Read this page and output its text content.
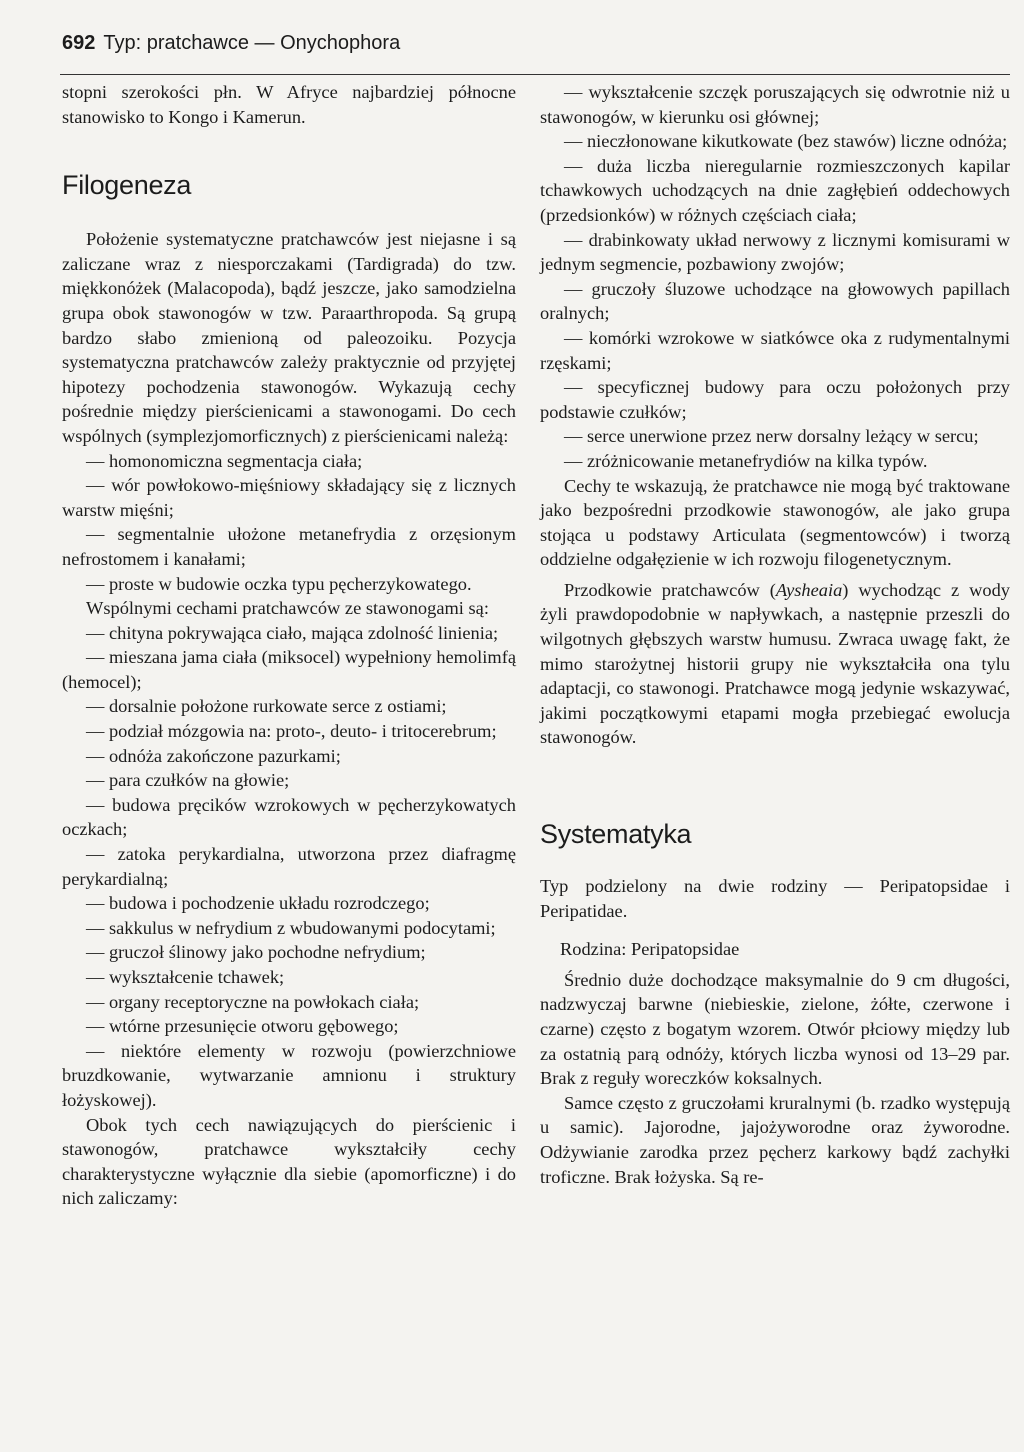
692 Typ: pratchawce — Onychophora

stopni szerokości płn. W Afryce najbardziej północne stanowisko to Kongo i Kamerun.

Filogeneza

Położenie systematyczne pratchawców jest niejasne i są zaliczane wraz z niesporczakami (Tardigrada) do tzw. miękkonóżek (Malacopoda), bądź jeszcze, jako samodzielna grupa obok stawonogów w tzw. Paraarthropoda. Są grupą bardzo słabo zmienioną od paleozoiku. Pozycja systematyczna pratchawców zależy praktycznie od przyjętej hipotezy pochodzenia stawonogów. Wykazują cechy pośrednie między pierścienicami a stawonogami. Do cech wspólnych (symplezjomorficznych) z pierścienicami należą:

— homonomiczna segmentacja ciała;

— wór powłokowo-mięśniowy składający się z licznych warstw mięśni;

— segmentalnie ułożone metanefrydia z orzęsionym nefrostomem i kanałami;

— proste w budowie oczka typu pęcherzykowatego.

Wspólnymi cechami pratchawców ze stawonogami są:

— chityna pokrywająca ciało, mająca zdolność linienia;

— mieszana jama ciała (miksocel) wypełniony hemolimfą (hemocel);

— dorsalnie położone rurkowate serce z ostiami;

— podział mózgowia na: proto-, deuto- i tritocerebrum;

— odnóża zakończone pazurkami;

— para czułków na głowie;

— budowa pręcików wzrokowych w pęcherzykowatych oczkach;

— zatoka perykardialna, utworzona przez diafragmę perykardialną;

— budowa i pochodzenie układu rozrodczego;

— sakkulus w nefrydium z wbudowanymi podocytami;

— gruczoł ślinowy jako pochodne nefrydium;

— wykształcenie tchawek;

— organy receptoryczne na powłokach ciała;

— wtórne przesunięcie otworu gębowego;

— niektóre elementy w rozwoju (powierzchniowe bruzdkowanie, wytwarzanie amnionu i struktury łożyskowej).

Obok tych cech nawiązujących do pierścienic i stawonogów, pratchawce wykształciły cechy charakterystyczne wyłącznie dla siebie (apomorficzne) i do nich zaliczamy:

— wykształcenie szczęk poruszających się odwrotnie niż u stawonogów, w kierunku osi głównej;

— nieczłonowane kikutkowate (bez stawów) liczne odnóża;

— duża liczba nieregularnie rozmieszczonych kapilar tchawkowych uchodzących na dnie zagłębień oddechowych (przedsionków) w różnych częściach ciała;

— drabinkowaty układ nerwowy z licznymi komisurami w jednym segmencie, pozbawiony zwojów;

— gruczoły śluzowe uchodzące na głowowych papillach oralnych;

— komórki wzrokowe w siatkówce oka z rudymentalnymi rzęskami;

— specyficznej budowy para oczu położonych przy podstawie czułków;

— serce unerwione przez nerw dorsalny leżący w sercu;

— zróżnicowanie metanefrydiów na kilka typów.

Cechy te wskazują, że pratchawce nie mogą być traktowane jako bezpośredni przodkowie stawonogów, ale jako grupa stojąca u podstawy Articulata (segmentowców) i tworzą oddzielne odgałęzienie w ich rozwoju filogenetycznym.

Przodkowie pratchawców (Aysheaia) wychodząc z wody żyli prawdopodobnie w napływkach, a następnie przeszli do wilgotnych głębszych warstw humusu. Zwraca uwagę fakt, że mimo starożytnej historii grupy nie wykształciła ona tylu adaptacji, co stawonogi. Pratchawce mogą jedynie wskazywać, jakimi początkowymi etapami mogła przebiegać ewolucja stawonogów.

Systematyka

Typ podzielony na dwie rodziny — Peripatopsidae i Peripatidae.

Rodzina: Peripatopsidae

Średnio duże dochodzące maksymalnie do 9 cm długości, nadzwyczaj barwne (niebieskie, zielone, żółte, czerwone i czarne) często z bogatym wzorem. Otwór płciowy między lub za ostatnią parą odnóży, których liczba wynosi od 13–29 par. Brak z reguły woreczków koksalnych.

Samce często z gruczołami kruralnymi (b. rzadko występują u samic). Jajorodne, jajożyworodne oraz żyworodne. Odżywianie zarodka przez pęcherz karkowy bądź zachyłki troficzne. Brak łożyska. Są re-
